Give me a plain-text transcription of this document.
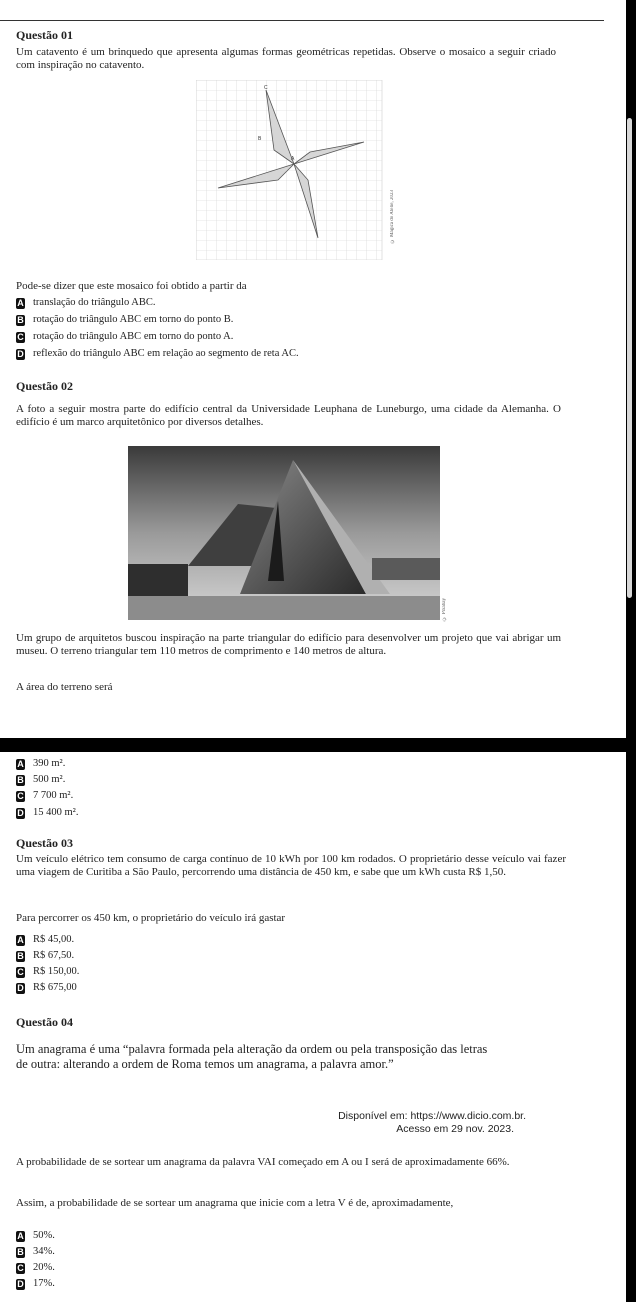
Questão 01
Um catavento é um brinquedo que apresenta algumas formas geométricas repetidas. Observe o mosaico a seguir criado com inspiração no catavento.
C
B
A
© Mágica do Ateliê, 2023
Pode-se dizer que este mosaico foi obtido a partir da
A translação do triângulo ABC.
B rotação do triângulo ABC em torno do ponto B.
C rotação do triângulo ABC em torno do ponto A.
D reflexão do triângulo ABC em relação ao segmento de reta AC.
Questão 02
A foto a seguir mostra parte do edifício central da Universidade Leuphana de Luneburgo, uma cidade da Alemanha. O edifício é um marco arquitetônico por diversos detalhes.
© Pixabay
Um grupo de arquitetos buscou inspiração na parte triangular do edifício para desenvolver um projeto que vai abrigar um museu. O terreno triangular tem 110 metros de comprimento e 140 metros de altura.
A área do terreno será
A 390 m².
B 500 m².
C 7 700 m².
D 15 400 m².
Questão 03
Um veículo elétrico tem consumo de carga contínuo de 10 kWh por 100 km rodados. O proprietário desse veículo vai fazer uma viagem de Curitiba a São Paulo, percorrendo uma distância de 450 km, e sabe que um kWh custa R$ 1,50.
Para percorrer os 450 km, o proprietário do veículo irá gastar
A R$ 45,00.
B R$ 67,50.
C R$ 150,00.
D R$ 675,00
Questão 04
Um anagrama é uma “palavra formada pela alteração da ordem ou pela transposição das letras de outra: alterando a ordem de Roma temos um anagrama, a palavra amor.”
Disponível em: https://www.dicio.com.br.
Acesso em 29 nov. 2023.
A probabilidade de se sortear um anagrama da palavra VAI começado em A ou I será de aproximadamente 66%.
Assim, a probabilidade de se sortear um anagrama que inicie com a letra V é de, aproximadamente,
A 50%.
B 34%.
C 20%.
D 17%.
